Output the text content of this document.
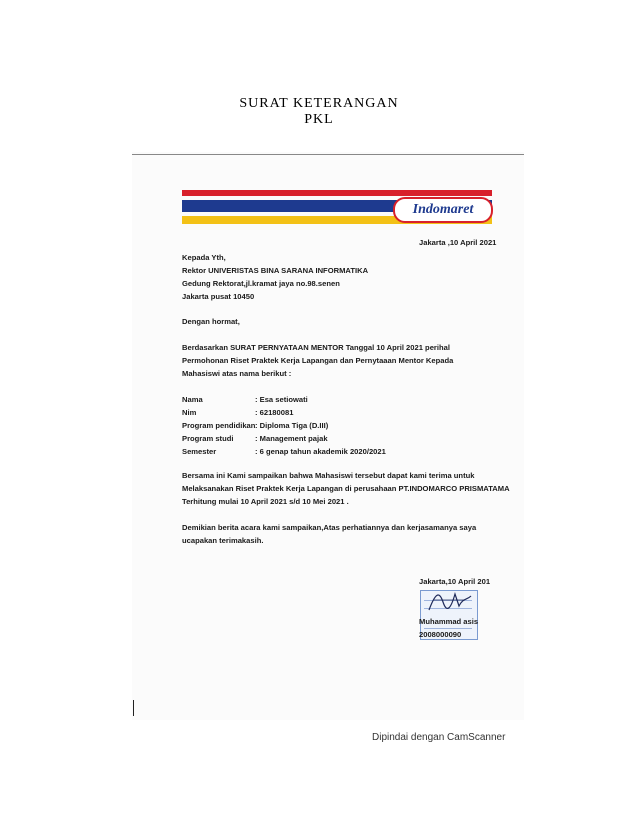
SURAT KETERANGAN
PKL
Indomaret
Jakarta ,10 April 2021
Kepada Yth,
Rektor UNIVERISTAS BINA SARANA INFORMATIKA
Gedung Rektorat,jl.kramat jaya no.98.senen
Jakarta pusat 10450
Dengan hormat,
Berdasarkan SURAT PERNYATAAN MENTOR Tanggal 10 April 2021 perihal
Permohonan Riset Praktek Kerja Lapangan dan Pernytaaan Mentor Kepada
Mahasiswi atas nama berikut :
Nama	: Esa setiowati
Nim	: 62180081
Program pendidikan : Diploma Tiga (D.III)
Program studi	: Management pajak
Semester	: 6 genap tahun akademik 2020/2021
Bersama ini Kami sampaikan bahwa Mahasiswi tersebut dapat kami terima untuk
Melaksanakan Riset Praktek Kerja Lapangan di perusahaan PT.INDOMARCO PRISMATAMA
Terhitung mulai 10 April 2021 s/d 10 Mei 2021 .
Demikian berita acara kami sampaikan,Atas perhatiannya dan kerjasamanya saya
ucapakan terimakasih.
Jakarta,10 April 201
Muhammad asis
2008000090
Dipindai dengan CamScanner
